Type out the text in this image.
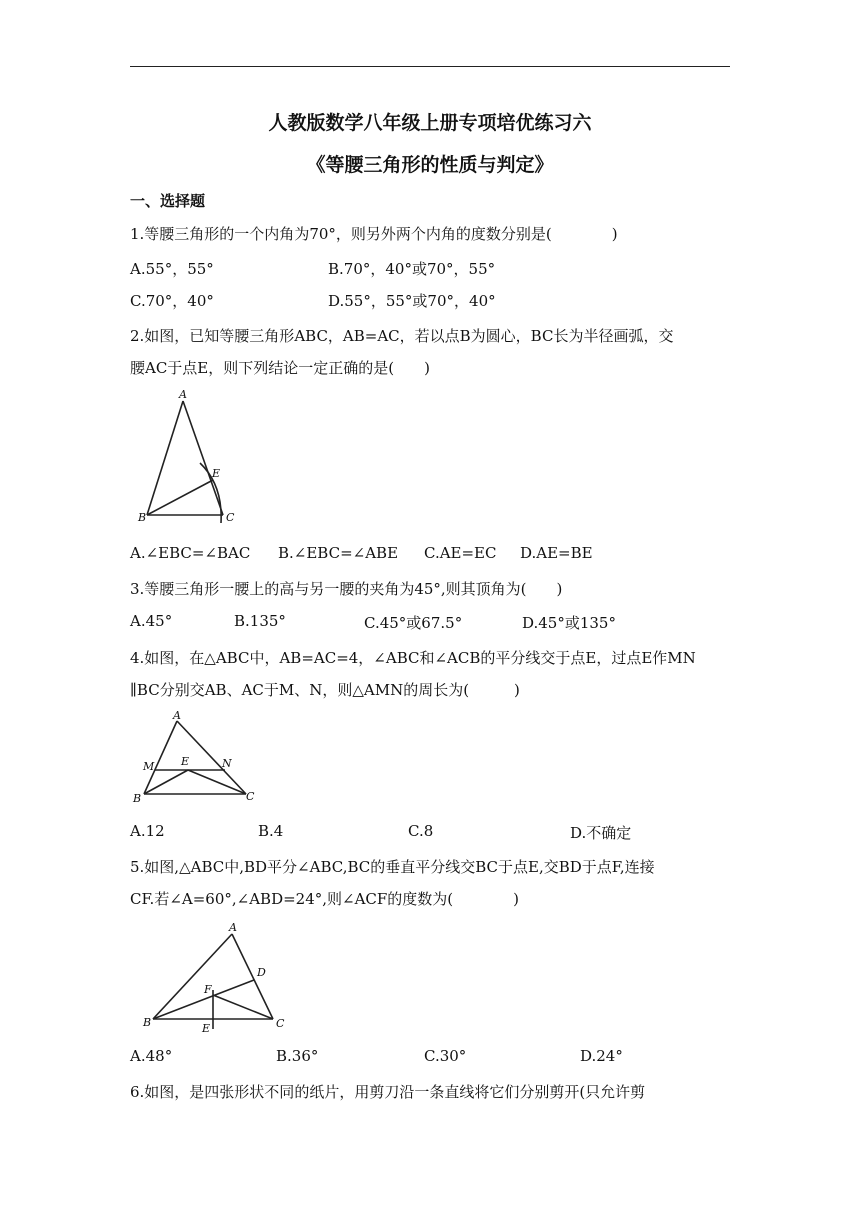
人教版数学八年级上册专项培优练习六
《等腰三角形的性质与判定》
一、选择题
1.等腰三角形的一个内角为70°，则另外两个内角的度数分别是(　　　　)
A.55°，55°	B.70°，40°或70°，55°
C.70°，40°	D.55°，55°或70°，40°
2.如图，已知等腰三角形ABC，AB=AC，若以点B为圆心，BC长为半径画弧，交
腰AC于点E，则下列结论一定正确的是(　　)
A
E
B	C
A.∠EBC=∠BAC B.∠EBC=∠ABE C.AE=EC D.AE=BE
3.等腰三角形一腰上的高与另一腰的夹角为45°,则其顶角为(　　)
A.45°	B.135°	C.45°或67.5°	D.45°或135°
4.如图，在△ABC中，AB=AC=4，∠ABC和∠ACB的平分线交于点E，过点E作MN
∥BC分别交AB、AC于M、N，则△AMN的周长为(　　　)
A
M E	N
B	C
A.12	B.4	C.8	D.不确定
5.如图,△ABC中,BD平分∠ABC,BC的垂直平分线交BC于点E,交BD于点F,连接
CF.若∠A=60°,∠ABD=24°,则∠ACF的度数为(　　　　)
A
D
F
B	E	C
A.48°	B.36°	C.30°	D.24°
6.如图，是四张形状不同的纸片，用剪刀沿一条直线将它们分别剪开(只允许剪
